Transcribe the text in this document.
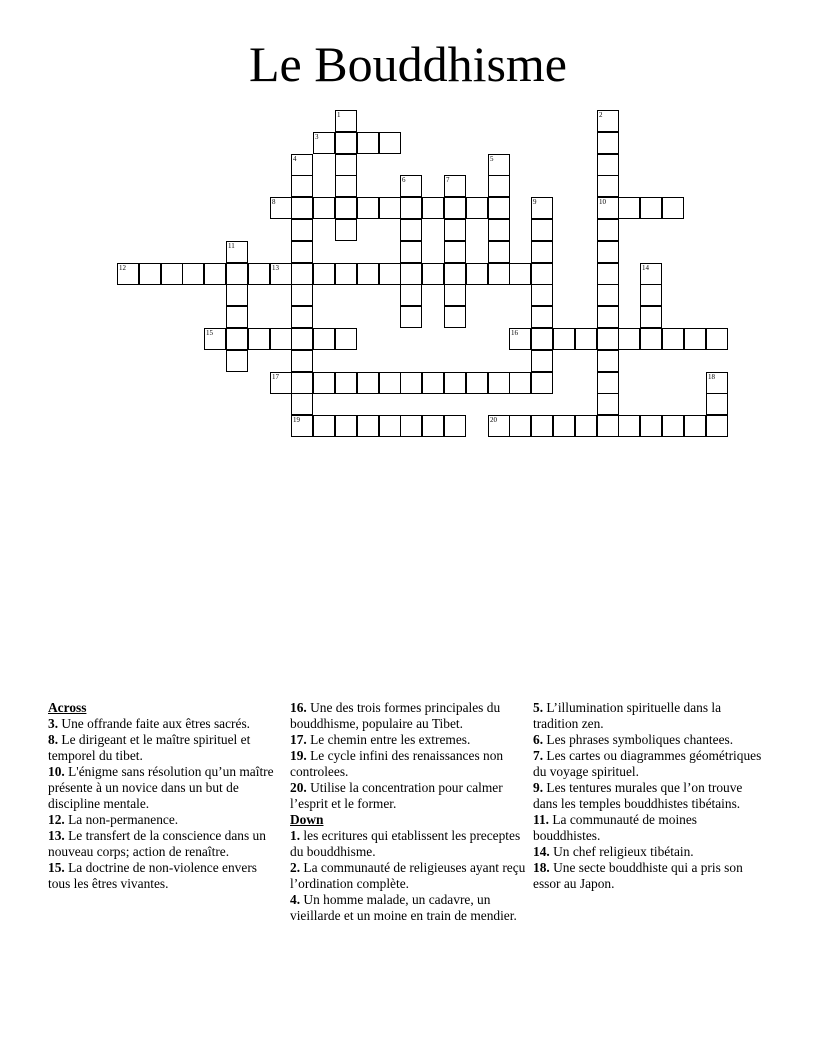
Le Bouddhisme
3
8	10
12	13
15	16
17
19	20
1	2
4	5
6	7
9
11
14
18
Across
3. Une offrande faite aux êtres sacrés.
8. Le dirigeant et le maître spirituel et temporel du tibet.
10. L'énigme sans résolution qu’un maître présente à un novice dans un but de discipline mentale.
12. La non-permanence.
13. Le transfert de la conscience dans un nouveau corps; action de renaître.
15. La doctrine de non-violence envers tous les êtres vivantes.
16. Une des trois formes principales du bouddhisme, populaire au Tibet.
17. Le chemin entre les extremes.
19. Le cycle infini des renaissances non controlees.
20. Utilise la concentration pour calmer l’esprit et le former.
Down
1. les ecritures qui etablissent les preceptes du bouddhisme.
2. La communauté de religieuses ayant reçu l’ordination complète.
4. Un homme malade, un cadavre, un vieillarde et un moine en train de mendier.
5. L’illumination spirituelle dans la tradition zen.
6. Les phrases symboliques chantees.
7. Les cartes ou diagrammes géométriques du voyage spirituel.
9. Les tentures murales que l’on trouve dans les temples bouddhistes tibétains.
11. La communauté de moines bouddhistes.
14. Un chef religieux tibétain.
18. Une secte bouddhiste qui a pris son essor au Japon.
